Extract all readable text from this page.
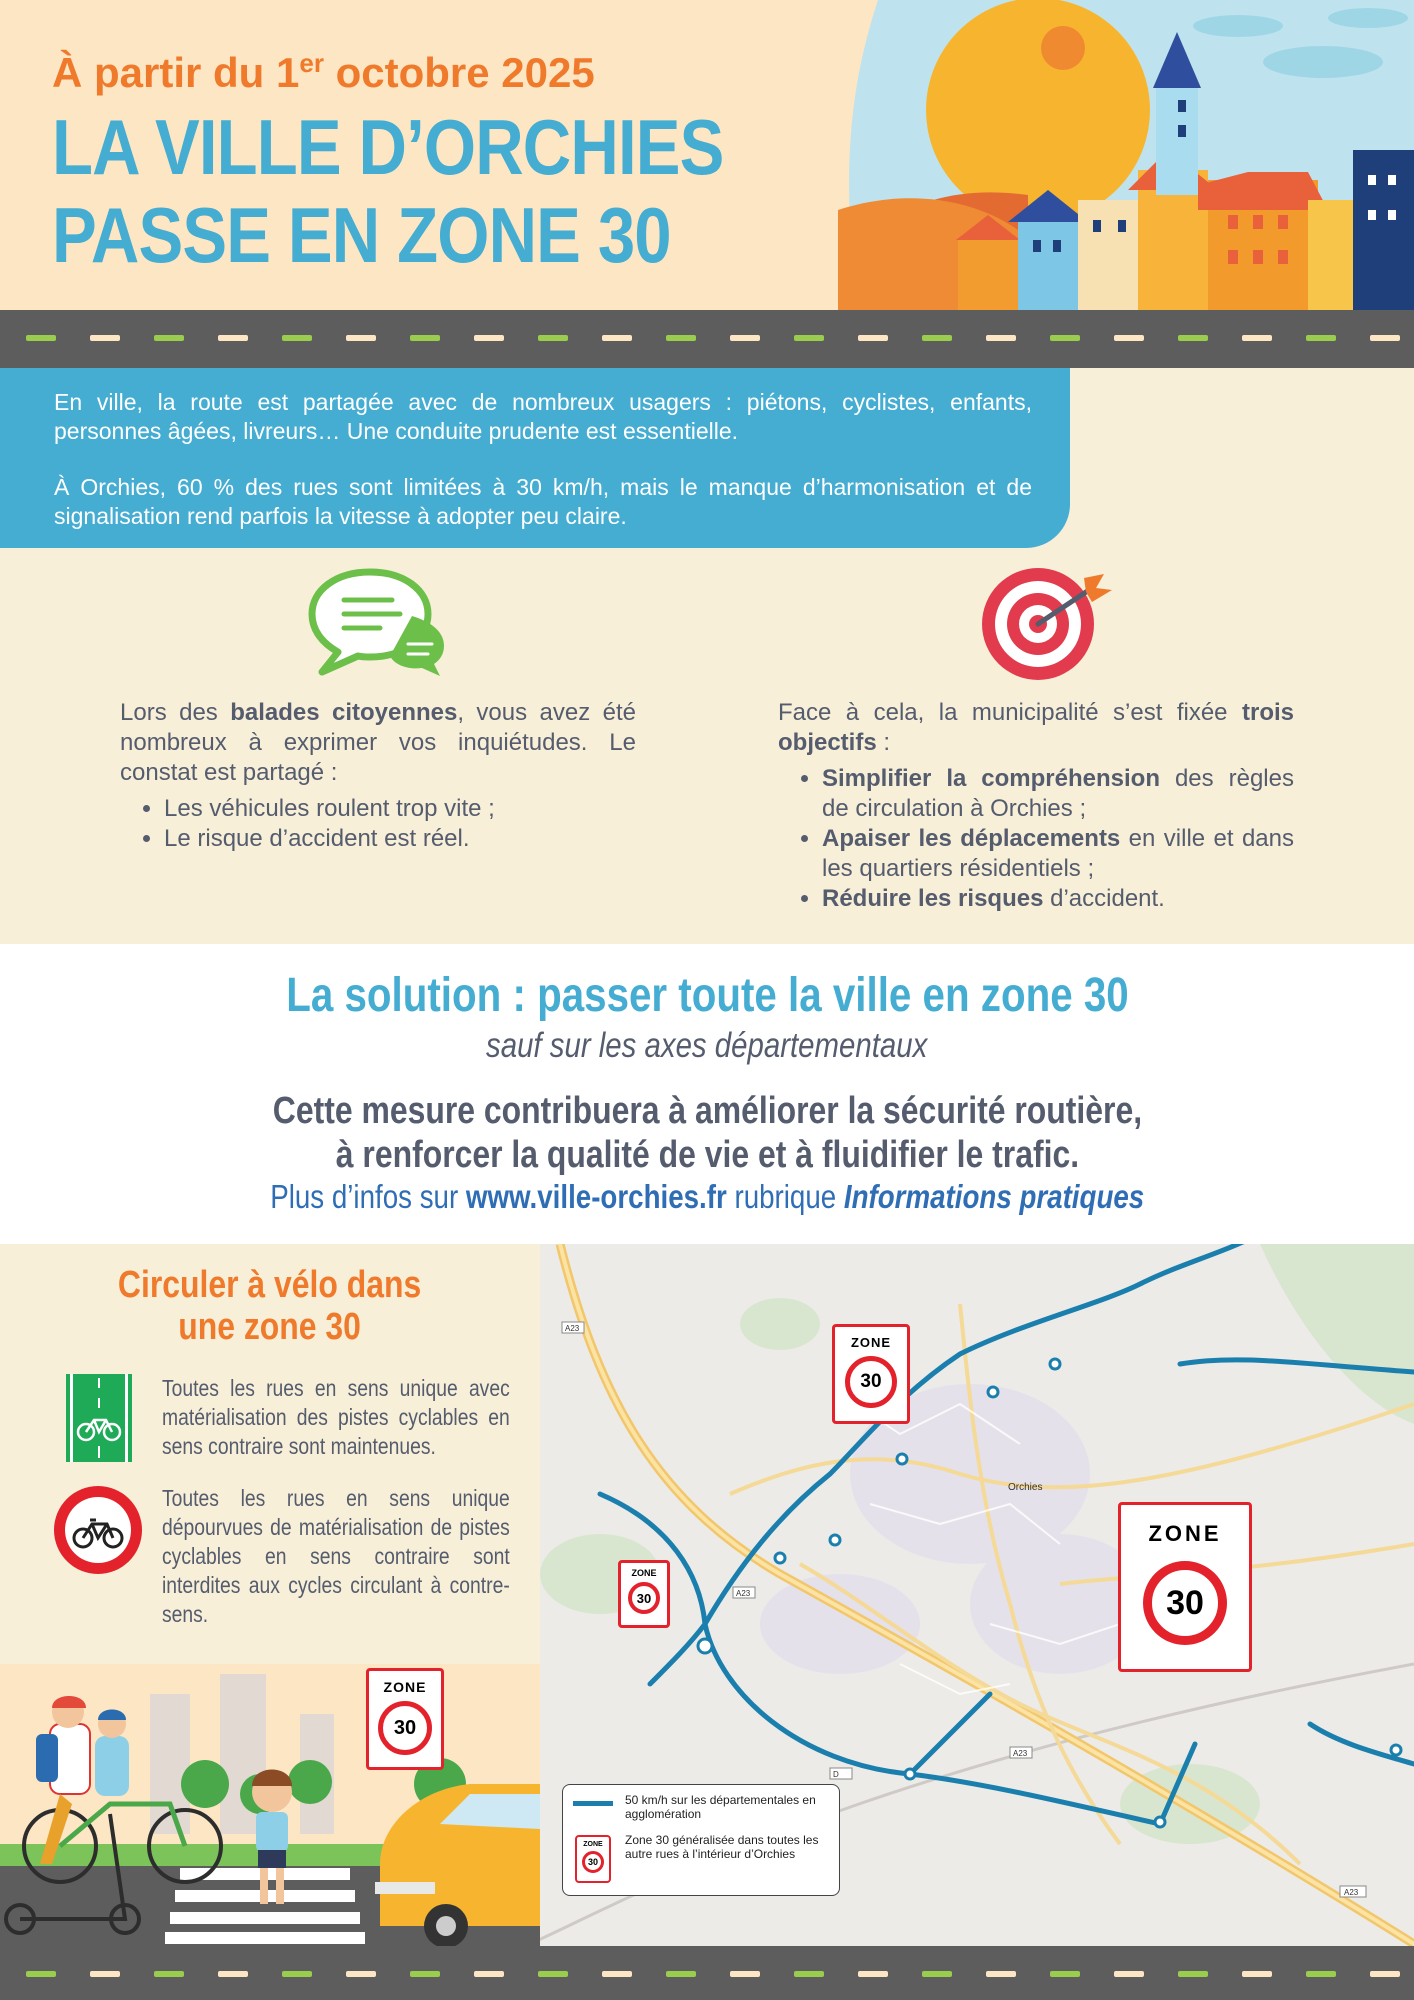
À partir du 1er octobre 2025
LA VILLE D’ORCHIES
PASSE EN ZONE 30

En ville, la route est partagée avec de nombreux usagers : piétons, cyclistes, enfants, personnes âgées, livreurs… Une conduite prudente est essentielle.

À Orchies, 60 % des rues sont limitées à 30 km/h, mais le manque d’harmonisation et de signalisation rend parfois la vitesse à adopter peu claire.

Lors des balades citoyennes, vous avez été nombreux à exprimer vos inquiétudes. Le constat est partagé :
• Les véhicules roulent trop vite ;
• Le risque d’accident est réel.
Face à cela, la municipalité s’est fixée trois objectifs :
• Simplifier la compréhension des règles de circulation à Orchies ;
• Apaiser les déplacements en ville et dans les quartiers résidentiels ;
• Réduire les risques d’accident.
La solution : passer toute la ville en zone 30
sauf sur les axes départementaux
Cette mesure contribuera à améliorer la sécurité routière,
à renforcer la qualité de vie et à fluidifier le trafic.
Plus d’infos sur www.ville-orchies.fr rubrique Informations pratiques
Circuler à vélo dans
une zone 30
Toutes les rues en sens unique avec matérialisation des pistes cyclables en sens contraire sont maintenues.
Toutes les rues en sens unique dépourvues de matérialisation de pistes cyclables en sens contraire sont interdites aux cycles circulant à contre-sens.
ZONE
30
A23
A23
A23
D
A23
Orchies
ZONE
30
ZONE
30
ZONE
30
50 km/h sur les départementales en agglomération
ZONE
30
Zone 30 généralisée dans toutes les autre rues à l’intérieur d’Orchies
